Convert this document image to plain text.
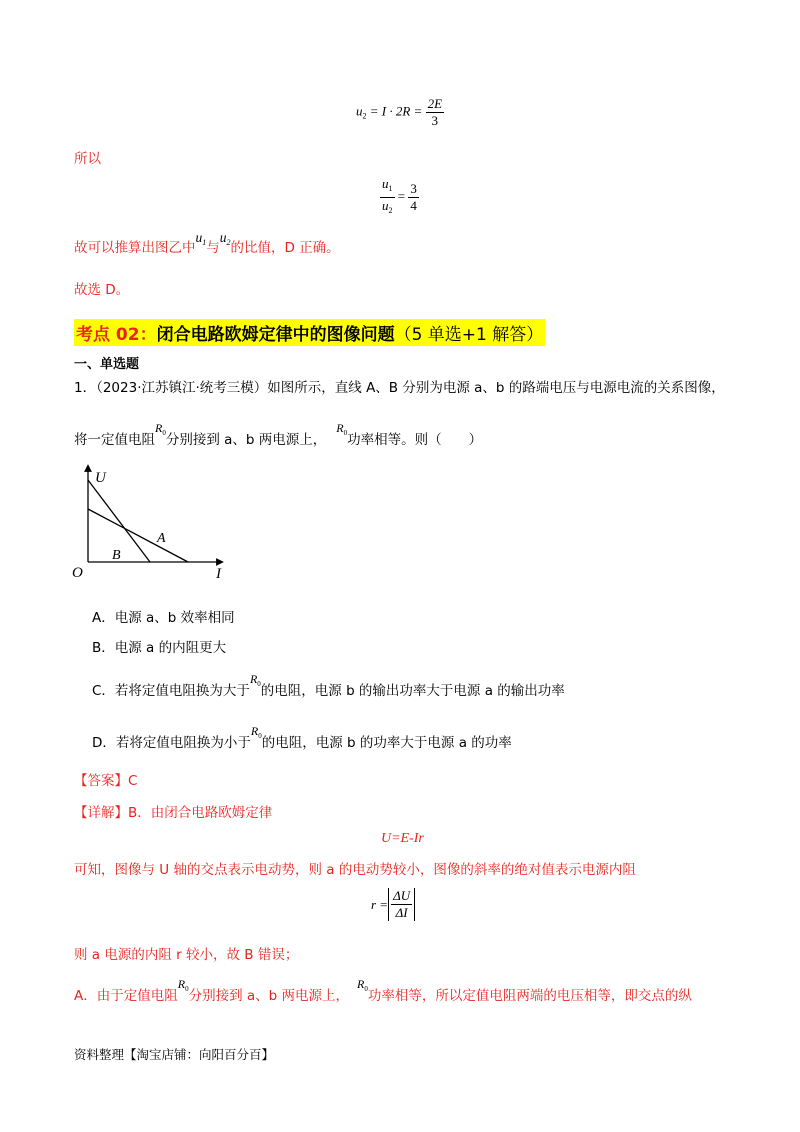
$u_2 = I \cdot 2R = \frac{2E}{3}$
所以
$\frac{u_1}{u_2} = \frac{3}{4}$
故可以推算出图乙中$u_1$与$u_2$的比值，D 正确。
故选 D。
考点 02：闭合电路欧姆定律中的图像问题（5 单选+1 解答）
一、单选题
1．（2023·江苏镇江·统考三模）如图所示，直线 A、B 分别为电源 a、b 的路端电压与电源电流的关系图像，
将一定值电阻$R_0$分别接到 a、b 两电源上，$R_0$功率相等。则（　　）
U
I
O
A
B
A．电源 a、b 效率相同
B．电源 a 的内阻更大
C．若将定值电阻换为大于$R_0$的电阻，电源 b 的输出功率大于电源 a 的输出功率
D．若将定值电阻换为小于$R_0$的电阻，电源 b 的功率大于电源 a 的功率
【答案】C
【详解】B．由闭合电路欧姆定律
U=E-Ir
可知，图像与 U 轴的交点表示电动势，则 a 的电动势较小，图像的斜率的绝对值表示电源内阻
$r = \frac{\Delta U}{\Delta I}$
则 a 电源的内阻 r 较小，故 B 错误；
A．由于定值电阻$R_0$分别接到 a、b 两电源上，$R_0$功率相等，所以定值电阻两端的电压相等，即交点的纵
资料整理【淘宝店铺：向阳百分百】
